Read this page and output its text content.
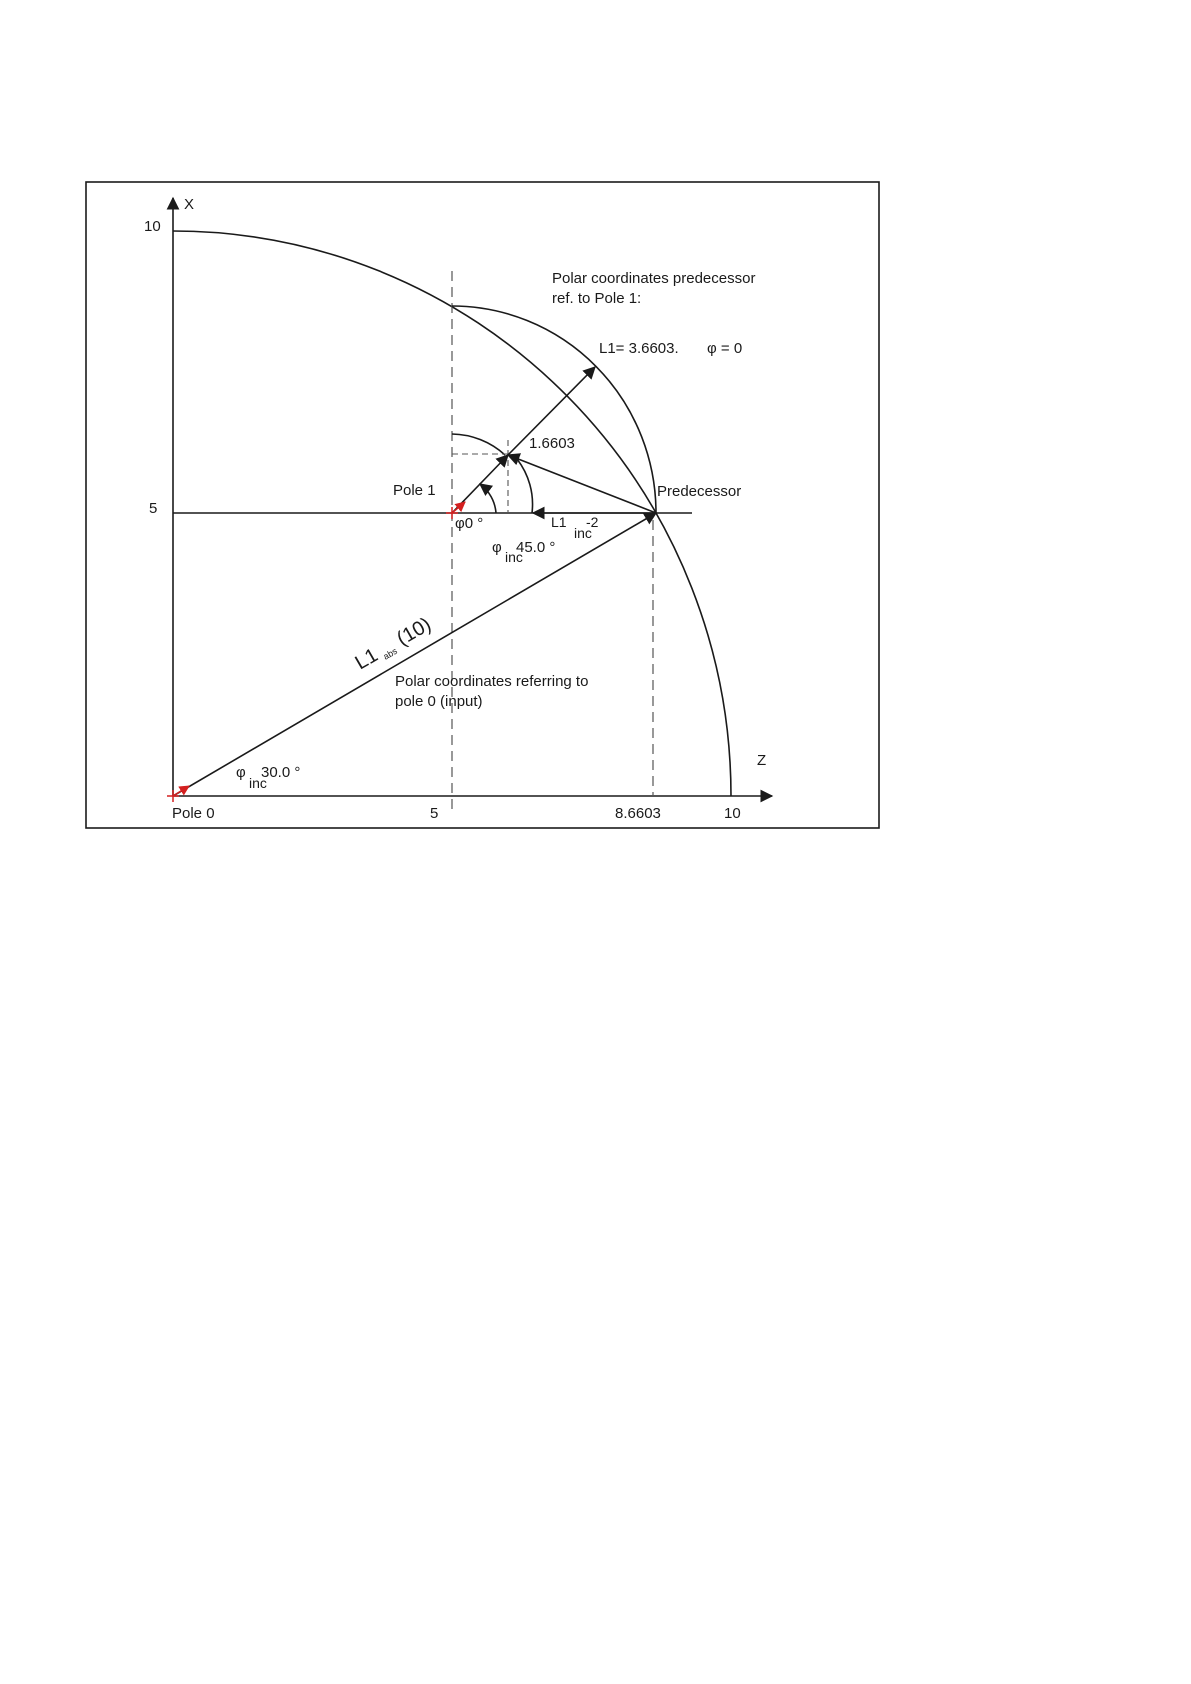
X
Z
10
5
5	8.6603	10
Pole 0
Pole 1	Predecessor
Polar coordinates predecessor
ref. to Pole 1:
L1= 3.6603. φ = 0
1.6603
φ0 °
φ
inc
45.0 °
L1
inc
-2
L1 abs
(10)
Polar coordinates referring to
pole 0 (input)
φ
inc
30.0 °
